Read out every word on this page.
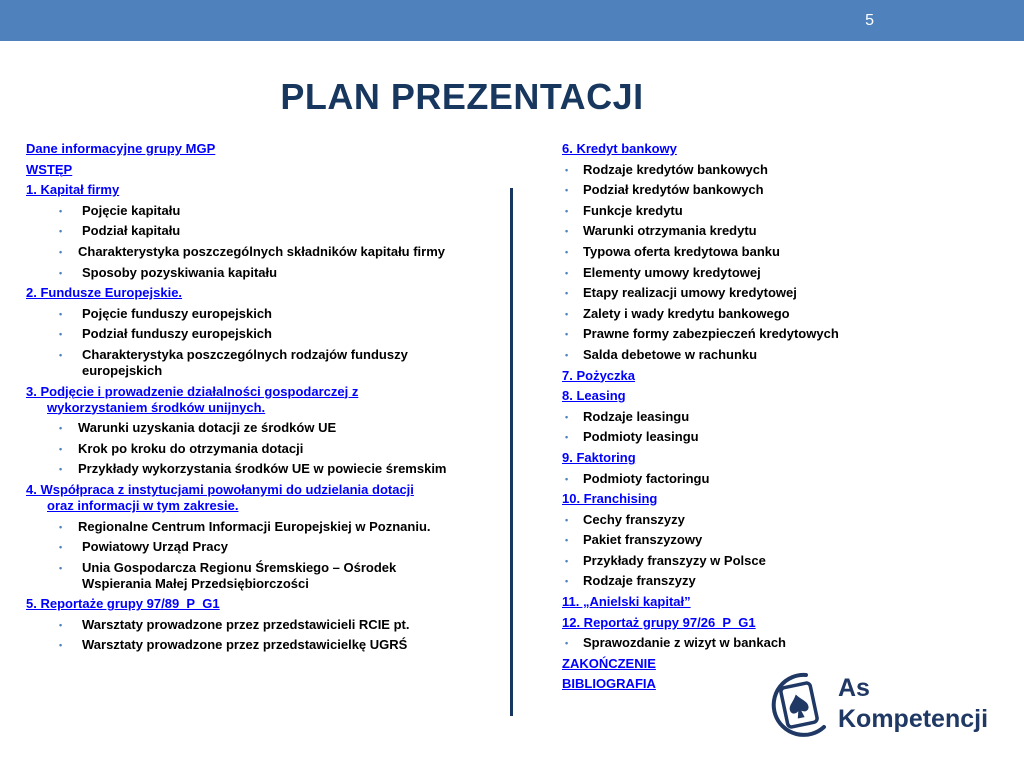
5
PLAN PREZENTACJI
Dane informacyjne grupy MGP
WSTĘP
1. Kapitał firmy
• Pojęcie kapitału
• Podział kapitału
• Charakterystyka poszczególnych składników kapitału firmy
• Sposoby pozyskiwania kapitału
2. Fundusze Europejskie.
• Pojęcie funduszy europejskich
• Podział funduszy europejskich
• Charakterystyka poszczególnych rodzajów funduszy
europejskich
3. Podjęcie i prowadzenie działalności gospodarczej z
wykorzystaniem środków unijnych.
• Warunki uzyskania dotacji ze środków UE
• Krok po kroku do otrzymania dotacji
• Przykłady wykorzystania środków UE w powiecie śremskim
4. Współpraca z instytucjami powołanymi do udzielania dotacji
oraz informacji w tym zakresie.
• Regionalne Centrum Informacji Europejskiej w Poznaniu.
• Powiatowy Urząd Pracy
• Unia Gospodarcza Regionu Śremskiego – Ośrodek
Wspierania Małej Przedsiębiorczości
5. Reportaże grupy 97/89_P_G1
• Warsztaty prowadzone przez przedstawicieli RCIE pt.
• Warsztaty prowadzone przez przedstawicielkę UGRŚ
6. Kredyt bankowy
• Rodzaje kredytów bankowych
• Podział kredytów bankowych
• Funkcje kredytu
• Warunki otrzymania kredytu
• Typowa oferta kredytowa banku
• Elementy umowy kredytowej
• Etapy realizacji umowy kredytowej
• Zalety i wady kredytu bankowego
• Prawne formy zabezpieczeń kredytowych
• Salda debetowe w rachunku
7. Pożyczka
8. Leasing
• Rodzaje leasingu
• Podmioty leasingu
9. Faktoring
• Podmioty factoringu
10. Franchising
• Cechy franszyzy
• Pakiet franszyzowy
• Przykłady franszyzy w Polsce
• Rodzaje franszyzy
11. „Anielski kapitał”
12. Reportaż grupy 97/26_P_G1
• Sprawozdanie z wizyt w bankach
ZAKOŃCZENIE
BIBLIOGRAFIA	As
Kompetencji
